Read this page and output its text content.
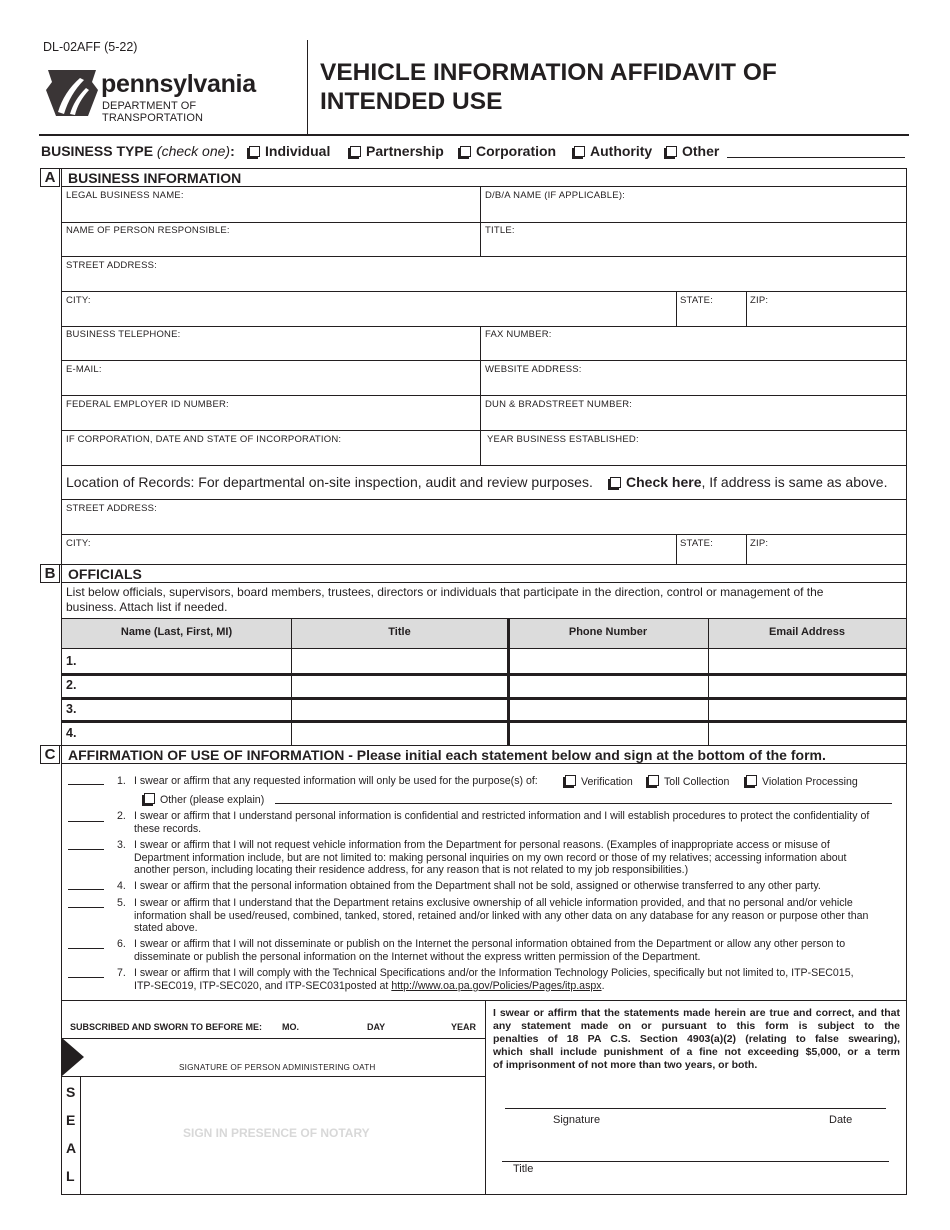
DL-02AFF (5-22)
pennsylvania
DEPARTMENT OF TRANSPORTATION
VEHICLE INFORMATION AFFIDAVIT OF
INTENDED USE
BUSINESS TYPE (check one):	Individual	Partnership	Corporation	Authority	Other
A BUSINESS INFORMATION
LEGAL BUSINESS NAME:	D/B/A NAME (IF APPLICABLE):
NAME OF PERSON RESPONSIBLE:	TITLE:
STREET ADDRESS:
CITY:	STATE:	ZIP:
BUSINESS TELEPHONE:	FAX NUMBER:
E-MAIL:	WEBSITE ADDRESS:
FEDERAL EMPLOYER ID NUMBER:	DUN & BRADSTREET NUMBER:
IF CORPORATION, DATE AND STATE OF INCORPORATION:	YEAR BUSINESS ESTABLISHED:
Location of Records: For departmental on-site inspection, audit and review purposes.	Check here, If address is same as above.
STREET ADDRESS:
CITY:	STATE:	ZIP:
B OFFICIALS
List below officials, supervisors, board members, trustees, directors or individuals that participate in the direction, control or management of the
business. Attach list if needed.
Name (Last, First, MI)	Title	Phone Number	Email Address
1.
2.
3.
4.
C AFFIRMATION OF USE OF INFORMATION - Please initial each statement below and sign at the bottom of the form.
1. I swear or affirm that any requested information will only be used for the purpose(s) of:	Verification	Toll Collection	Violation Processing
Other (please explain)
2. I swear or affirm that I understand personal information is confidential and restricted information and I will establish procedures to protect the confidentiality of
these records.
3. I swear or affirm that I will not request vehicle information from the Department for personal reasons. (Examples of inappropriate access or misuse of
Department information include, but are not limited to: making personal inquiries on my own record or those of my relatives; accessing information about
another person, including locating their residence address, for any reason that is not related to my job responsibilities.)
4. I swear or affirm that the personal information obtained from the Department shall not be sold, assigned or otherwise transferred to any other party.
5. I swear or affirm that I understand that the Department retains exclusive ownership of all vehicle information provided, and that no personal and/or vehicle
information shall be used/reused, combined, tanked, stored, retained and/or linked with any other data on any database for any reason or purpose other than
stated above.
6. I swear or affirm that I will not disseminate or publish on the Internet the personal information obtained from the Department or allow any other person to
disseminate or publish the personal information on the Internet without the express written permission of the Department.
7. I swear or affirm that I will comply with the Technical Specifications and/or the Information Technology Policies, specifically but not limited to, ITP-SEC015,
ITP-SEC019, ITP-SEC020, and ITP-SEC031posted at http://www.oa.pa.gov/Policies/Pages/itp.aspx.
SUBSCRIBED AND SWORN TO BEFORE ME: MO.	DAY	YEAR
SIGNATURE OF PERSON ADMINISTERING OATH
S
E
A
L
SIGN IN PRESENCE OF NOTARY
I swear or affirm that the statements made herein are true and correct, and that
any statement made on or pursuant to this form is subject to the
penalties of 18 PA C.S. Section 4903(a)(2) (relating to false swearing),
which shall include punishment of a fine not exceeding $5,000, or a term
of imprisonment of not more than two years, or both.
Signature	Date
Title
